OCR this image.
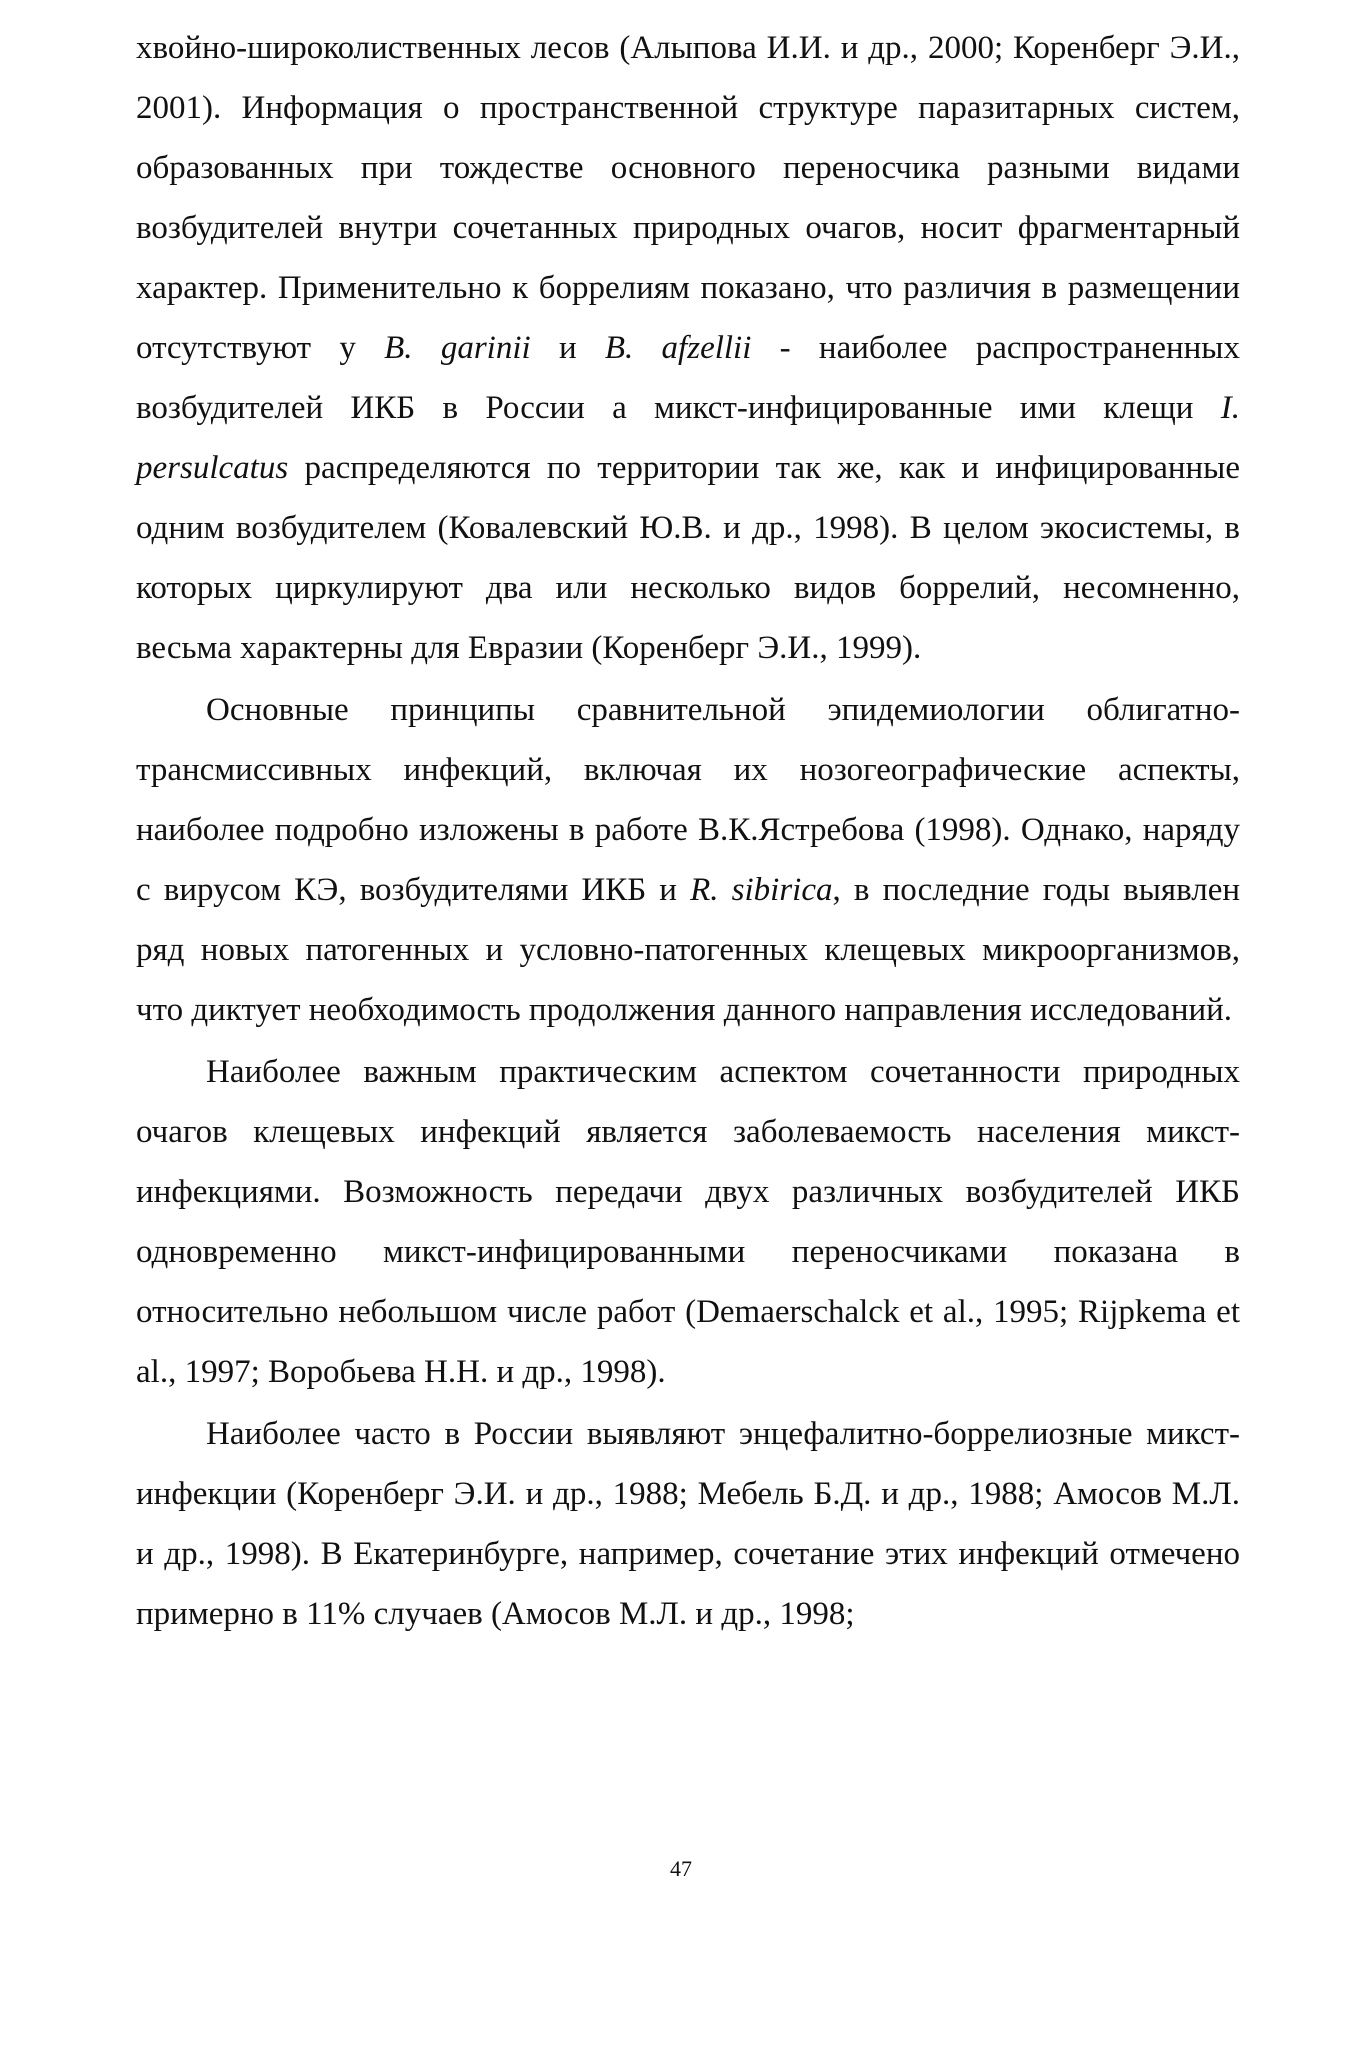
хвойно-широколиственных лесов (Алыпова И.И. и др., 2000; Коренберг Э.И., 2001). Информация о пространственной структуре паразитарных систем, образованных при тождестве основного переносчика разными видами возбудителей внутри сочетанных природных очагов, носит фрагментарный характер. Применительно к боррелиям показано, что различия в размещении отсутствуют у B. garinii и B. afzellii - наиболее распространенных возбудителей ИКБ в России а микст-инфицированные ими клещи I. persulcatus распределяются по территории так же, как и инфицированные одним возбудителем (Ковалевский Ю.В. и др., 1998). В целом экосистемы, в которых циркулируют два или несколько видов боррелий, несомненно, весьма характерны для Евразии (Коренберг Э.И., 1999).

Основные принципы сравнительной эпидемиологии облигатно-трансмиссивных инфекций, включая их нозогеографические аспекты, наиболее подробно изложены в работе В.К.Ястребова (1998). Однако, наряду с вирусом КЭ, возбудителями ИКБ и R. sibirica, в последние годы выявлен ряд новых патогенных и условно-патогенных клещевых микроорганизмов, что диктует необходимость продолжения данного направления исследований.

Наиболее важным практическим аспектом сочетанности природных очагов клещевых инфекций является заболеваемость населения микст-инфекциями. Возможность передачи двух различных возбудителей ИКБ одновременно микст-инфицированными переносчиками показана в относительно небольшом числе работ (Demaerschalck et al., 1995; Rijpkema et al., 1997; Воробьева Н.Н. и др., 1998).

Наиболее часто в России выявляют энцефалитно-боррелиозные микст-инфекции (Коренберг Э.И. и др., 1988; Мебель Б.Д. и др., 1988; Амосов М.Л. и др., 1998). В Екатеринбурге, например, сочетание этих инфекций отмечено примерно в 11% случаев (Амосов М.Л. и др., 1998;

47
